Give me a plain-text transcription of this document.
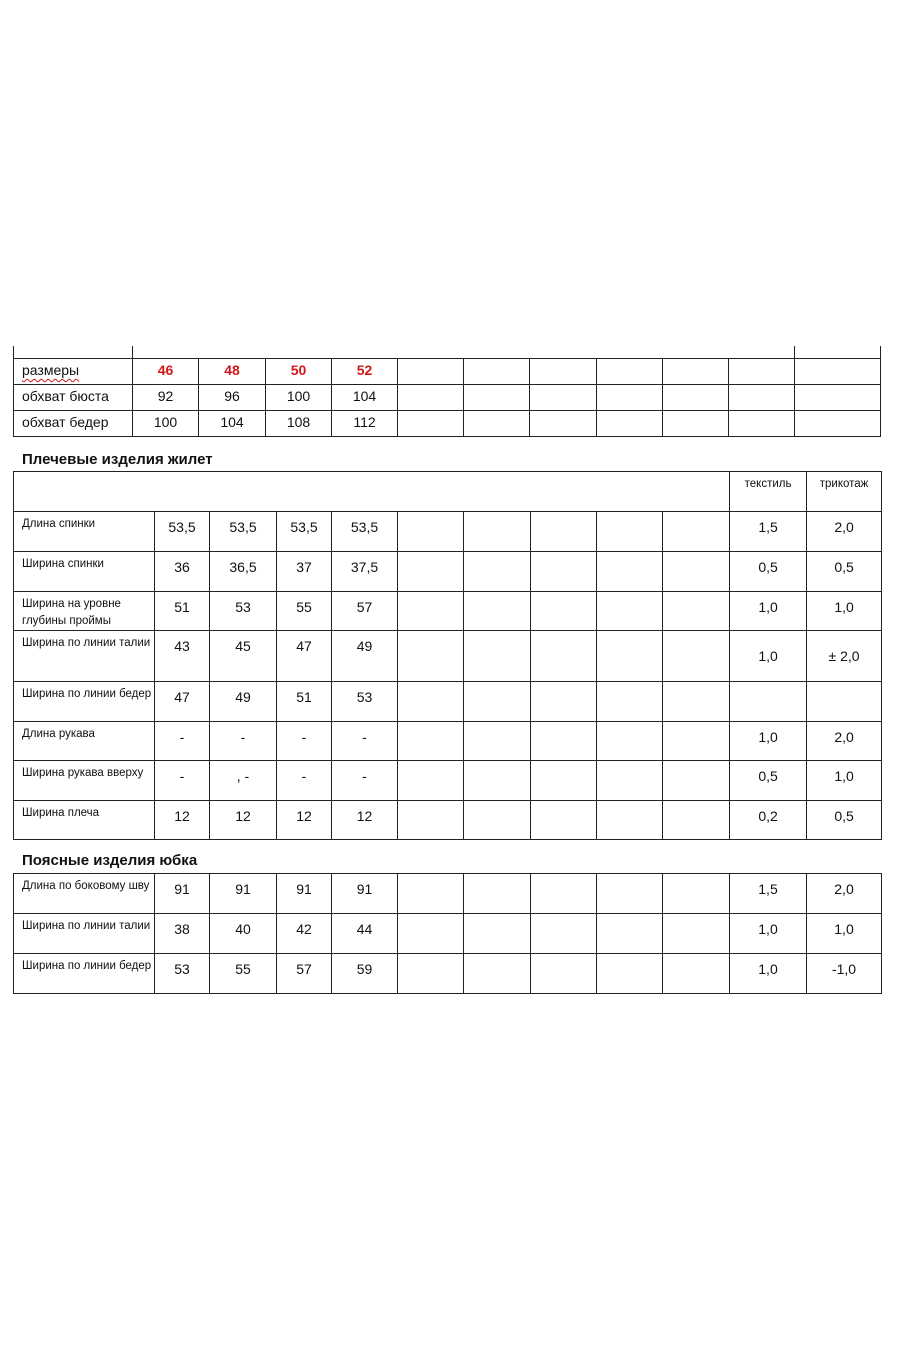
размеры	46	48	50	52							
обхват бюста	92	96	100	104							
обхват бедер	100	104	108	112							
Плечевые изделия жилет
										текстиль	трикотаж
Длина спинки	53,5	53,5	53,5	53,5						1,5	2,0
Ширина спинки	36	36,5	37	37,5						0,5	0,5
Ширина на уровне глубины проймы	51	53	55	57						1,0	1,0
Ширина по линии талии	43	45	47	49						1,0	± 2,0
Ширина по линии бедер	47	49	51	53							
Длина рукава	-	-	-	-						1,0	2,0
Ширина рукава вверху	-	, -	-	-						0,5	1,0
Ширина плеча	12	12	12	12						0,2	0,5
Поясные изделия юбка
Длина по боковому шву	91	91	91	91						1,5	2,0
Ширина по линии талии	38	40	42	44						1,0	1,0
Ширина по линии бедер	53	55	57	59						1,0	-1,0
